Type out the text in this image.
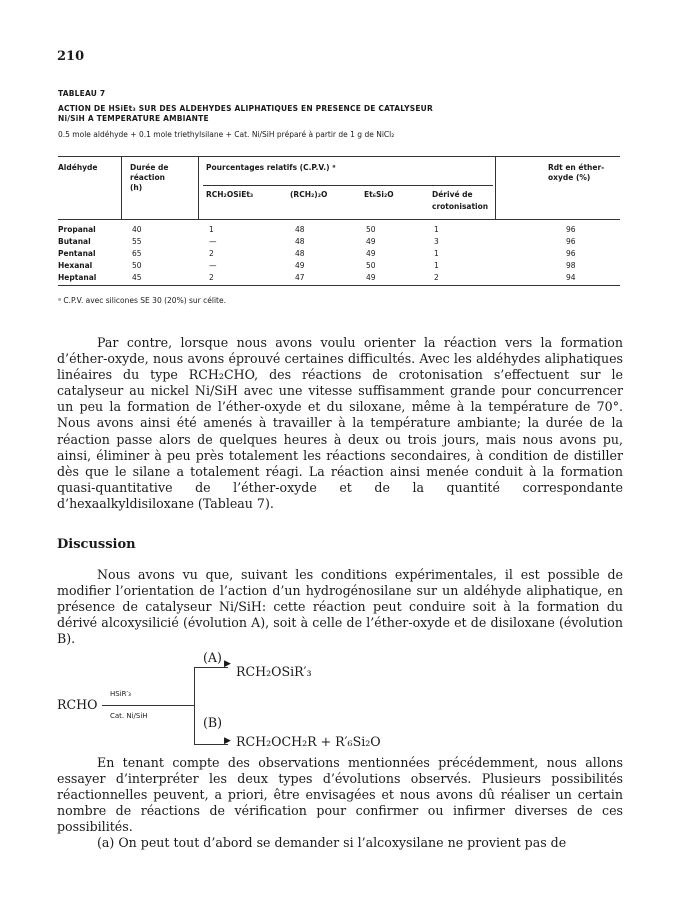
210
TABLEAU 7
ACTION DE HSiEt₃ SUR DES ALDEHYDES ALIPHATIQUES EN PRESENCE DE CATALYSEUR
Ni/SiH A TEMPERATURE AMBIANTE
0.5 mole aldéhyde + 0.1 mole triethylsilane + Cat. Ni/SiH préparé à partir de 1 g de NiCl₂
Aldéhyde	Durée de
réaction
(h)
Pourcentages relatifs (C.P.V.) ᵃ
RCH₂OSiEt₃	(RCH₂)₂O	Et₆Si₂O	Dérivé de
crotonisation
Rdt en éther-
oxyde (%)
Propanal	40	1	48	50	1	96
Butanal	55	—	48	49	3	96
Pentanal	65	2	48	49	1	96
Hexanal	50	—	49	50	1	98
Heptanal	45	2	47	49	2	94
ᵃ C.P.V. avec silicones SE 30 (20%) sur célite.

Par contre, lorsque nous avons voulu orienter la réaction vers la formation d’éther-oxyde, nous avons éprouvé certaines difficultés. Avec les aldéhydes aliphatiques linéaires du type RCH₂CHO, des réactions de crotonisation s’effectuent sur le catalyseur au nickel Ni/SiH avec une vitesse suffisamment grande pour concurrencer un peu la formation de l’éther-oxyde et du siloxane, même à la température de 70°. Nous avons ainsi été amenés à travailler à la température ambiante; la durée de la réaction passe alors de quelques heures à deux ou trois jours, mais nous avons pu, ainsi, éliminer à peu près totalement les réactions secondaires, à condition de distiller dès que le silane a totalement réagi. La réaction ainsi menée conduit à la formation quasi-quantitative de l’éther-oxyde et de la quantité correspondante d’hexaalkyldisiloxane (Tableau 7).

Discussion

Nous avons vu que, suivant les conditions expérimentales, il est possible de modifier l’orientation de l’action d’un hydrogénosilane sur un aldéhyde aliphatique, en présence de catalyseur Ni/SiH: cette réaction peut conduire soit à la formation du dérivé alcoxysilicié (évolution A), soit à celle de l’éther-oxyde et de disiloxane (évolution B).

RCHO
HSiR′₃
Cat. Ni/SiH
▶
▶
(A)
RCH₂OSiR′₃
(B)
RCH₂OCH₂R + R′₆Si₂O

En tenant compte des observations mentionnées précédemment, nous allons essayer d’interpréter les deux types d’évolutions observés. Plusieurs possibilités réactionnelles peuvent, a priori, être envisagées et nous avons dû réaliser un certain nombre de réactions de vérification pour confirmer ou infirmer diverses de ces possibilités.

(a) On peut tout d’abord se demander si l’alcoxysilane ne provient pas de
